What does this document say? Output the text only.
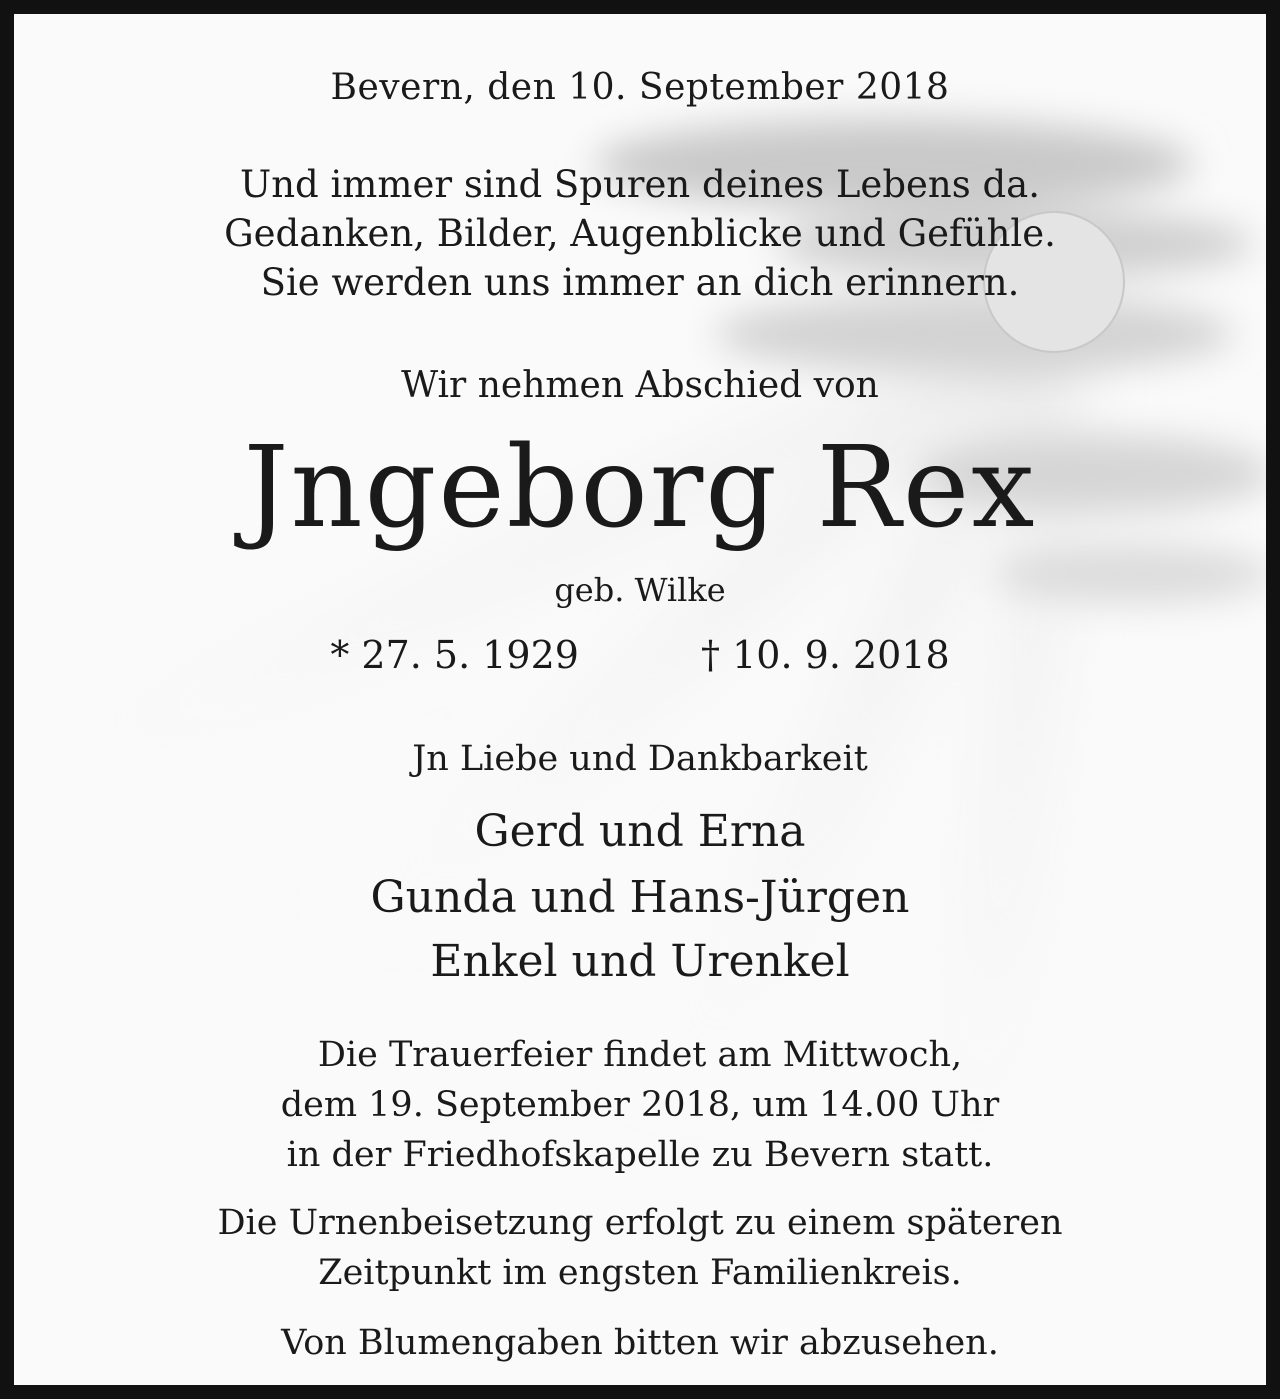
Bevern, den 10. September 2018
Und immer sind Spuren deines Lebens da.
Gedanken, Bilder, Augenblicke und Gefühle.
Sie werden uns immer an dich erinnern.
Wir nehmen Abschied von
Jngeborg Rex
geb. Wilke
* 27. 5. 1929	† 10. 9. 2018
Jn Liebe und Dankbarkeit
Gerd und Erna
Gunda und Hans-Jürgen
Enkel und Urenkel
Die Trauerfeier findet am Mittwoch,
dem 19. September 2018, um 14.00 Uhr
in der Friedhofskapelle zu Bevern statt.
Die Urnenbeisetzung erfolgt zu einem späteren
Zeitpunkt im engsten Familienkreis.
Von Blumengaben bitten wir abzusehen.
